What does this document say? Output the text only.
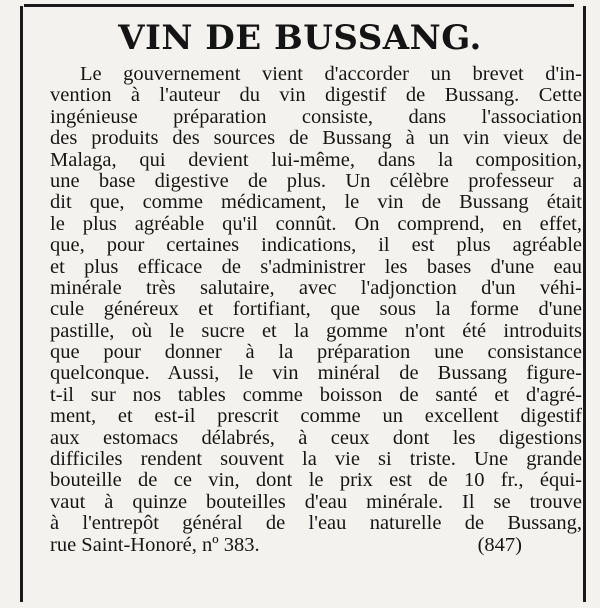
VIN DE BUSSANG.
Le gouvernement vient d'accorder un brevet d'in-
vention à l'auteur du vin digestif de Bussang. Cette
ingénieuse préparation consiste, dans l'association
des produits des sources de Bussang à un vin vieux de
Malaga, qui devient lui-même, dans la composition,
une base digestive de plus. Un célèbre professeur a
dit que, comme médicament, le vin de Bussang était
le plus agréable qu'il connût. On comprend, en effet,
que, pour certaines indications, il est plus agréable
et plus efficace de s'administrer les bases d'une eau
minérale très salutaire, avec l'adjonction d'un véhi-
cule généreux et fortifiant, que sous la forme d'une
pastille, où le sucre et la gomme n'ont été introduits
que pour donner à la préparation une consistance
quelconque. Aussi, le vin minéral de Bussang figure-
t-il sur nos tables comme boisson de santé et d'agré-
ment, et est-il prescrit comme un excellent digestif
aux estomacs délabrés, à ceux dont les digestions
difficiles rendent souvent la vie si triste. Une grande
bouteille de ce vin, dont le prix est de 10 fr., équi-
vaut à quinze bouteilles d'eau minérale. Il se trouve
à l'entrepôt général de l'eau naturelle de Bussang,
rue Saint-Honoré, nº 383.	(847)
